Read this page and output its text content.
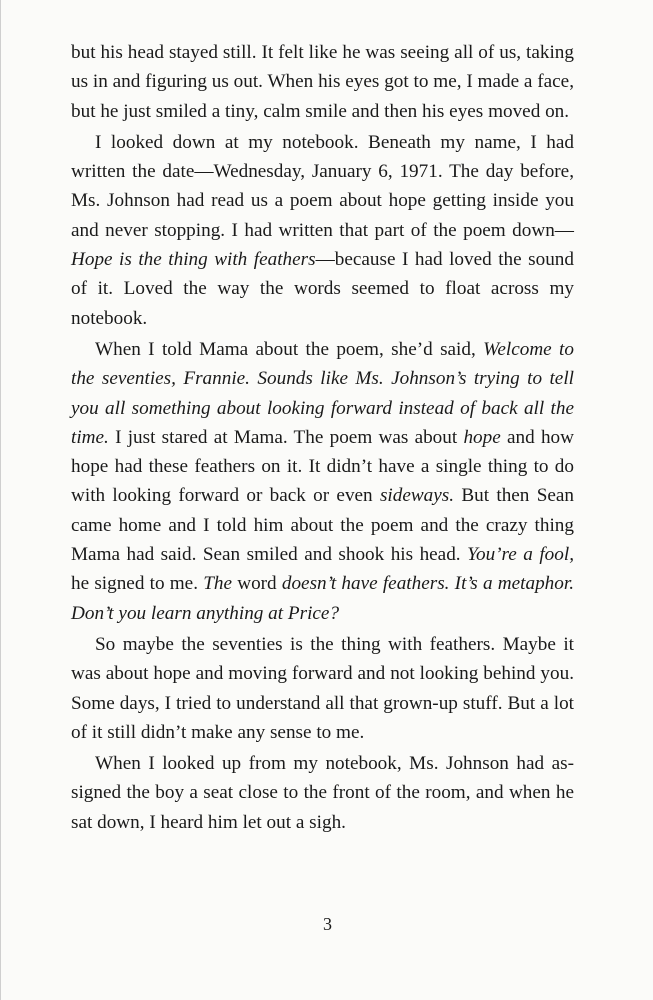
but his head stayed still. It felt like he was seeing all of us, taking us in and figuring us out. When his eyes got to me, I made a face, but he just smiled a tiny, calm smile and then his eyes moved on.

I looked down at my notebook. Beneath my name, I had written the date—Wednesday, January 6, 1971. The day before, Ms. Johnson had read us a poem about hope getting inside you and never stopping. I had written that part of the poem down—Hope is the thing with feathers—because I had loved the sound of it. Loved the way the words seemed to float across my notebook.

When I told Mama about the poem, she’d said, Welcome to the seventies, Frannie. Sounds like Ms. Johnson’s trying to tell you all something about looking forward instead of back all the time. I just stared at Mama. The poem was about hope and how hope had these feathers on it. It didn’t have a single thing to do with looking forward or back or even sideways. But then Sean came home and I told him about the poem and the crazy thing Mama had said. Sean smiled and shook his head. You’re a fool, he signed to me. The word doesn’t have feathers. It’s a metaphor. Don’t you learn anything at Price?

So maybe the seventies is the thing with feathers. Maybe it was about hope and moving forward and not looking behind you. Some days, I tried to understand all that grown-up stuff. But a lot of it still didn’t make any sense to me.

When I looked up from my notebook, Ms. Johnson had assigned the boy a seat close to the front of the room, and when he sat down, I heard him let out a sigh.

3
